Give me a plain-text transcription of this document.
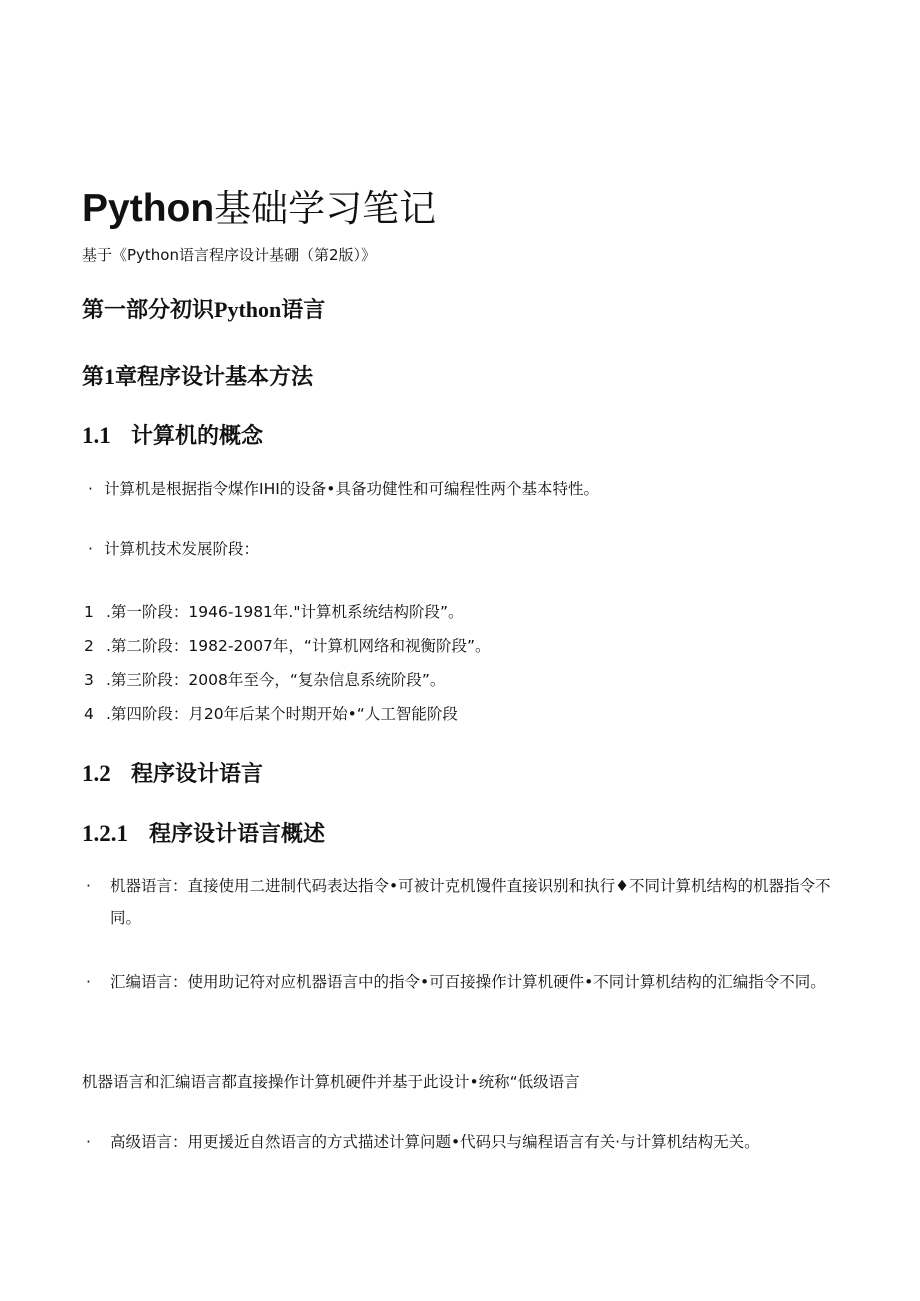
Python基础学习笔记

基于《Python语言程序设计基硼（第2版）》

第一部分初识Python语言
第1章程序设计基本方法
1.1 计算机的概念

· 计算机是根据指令煤作IHI的设备•具备功健性和可编程性两个基本特性。

· 计算机技术发展阶段：

1 .第一阶段：1946-1981年."计算机系统结构阶段”。

2 .第二阶段：1982-2007年，“计算机网络和视衡阶段”。

3 .第三阶段：2008年至今，“复杂信息系统阶段”。

4 .第四阶段：月20年后某个时期开始•“人工智能阶段

1.2 程序设计语言
1.2.1 程序设计语言概述
· 机器语言：直接使用二进制代码表达指令•可被计克机馒件直接识别和执行♦不同计算机结构的机器指令不同。
· 汇编语言：使用助记符对应机器语言中的指令•可百接操作计算机硬件•不同计算机结构的汇编指令不同。

机器语言和汇编语言都直接操作计算机硬件并基于此设计•统称“低级语言

· 高级语言：用更援近自然语言的方式描述计算问题•代码只与编程语言有关·与计算机结构无关。
